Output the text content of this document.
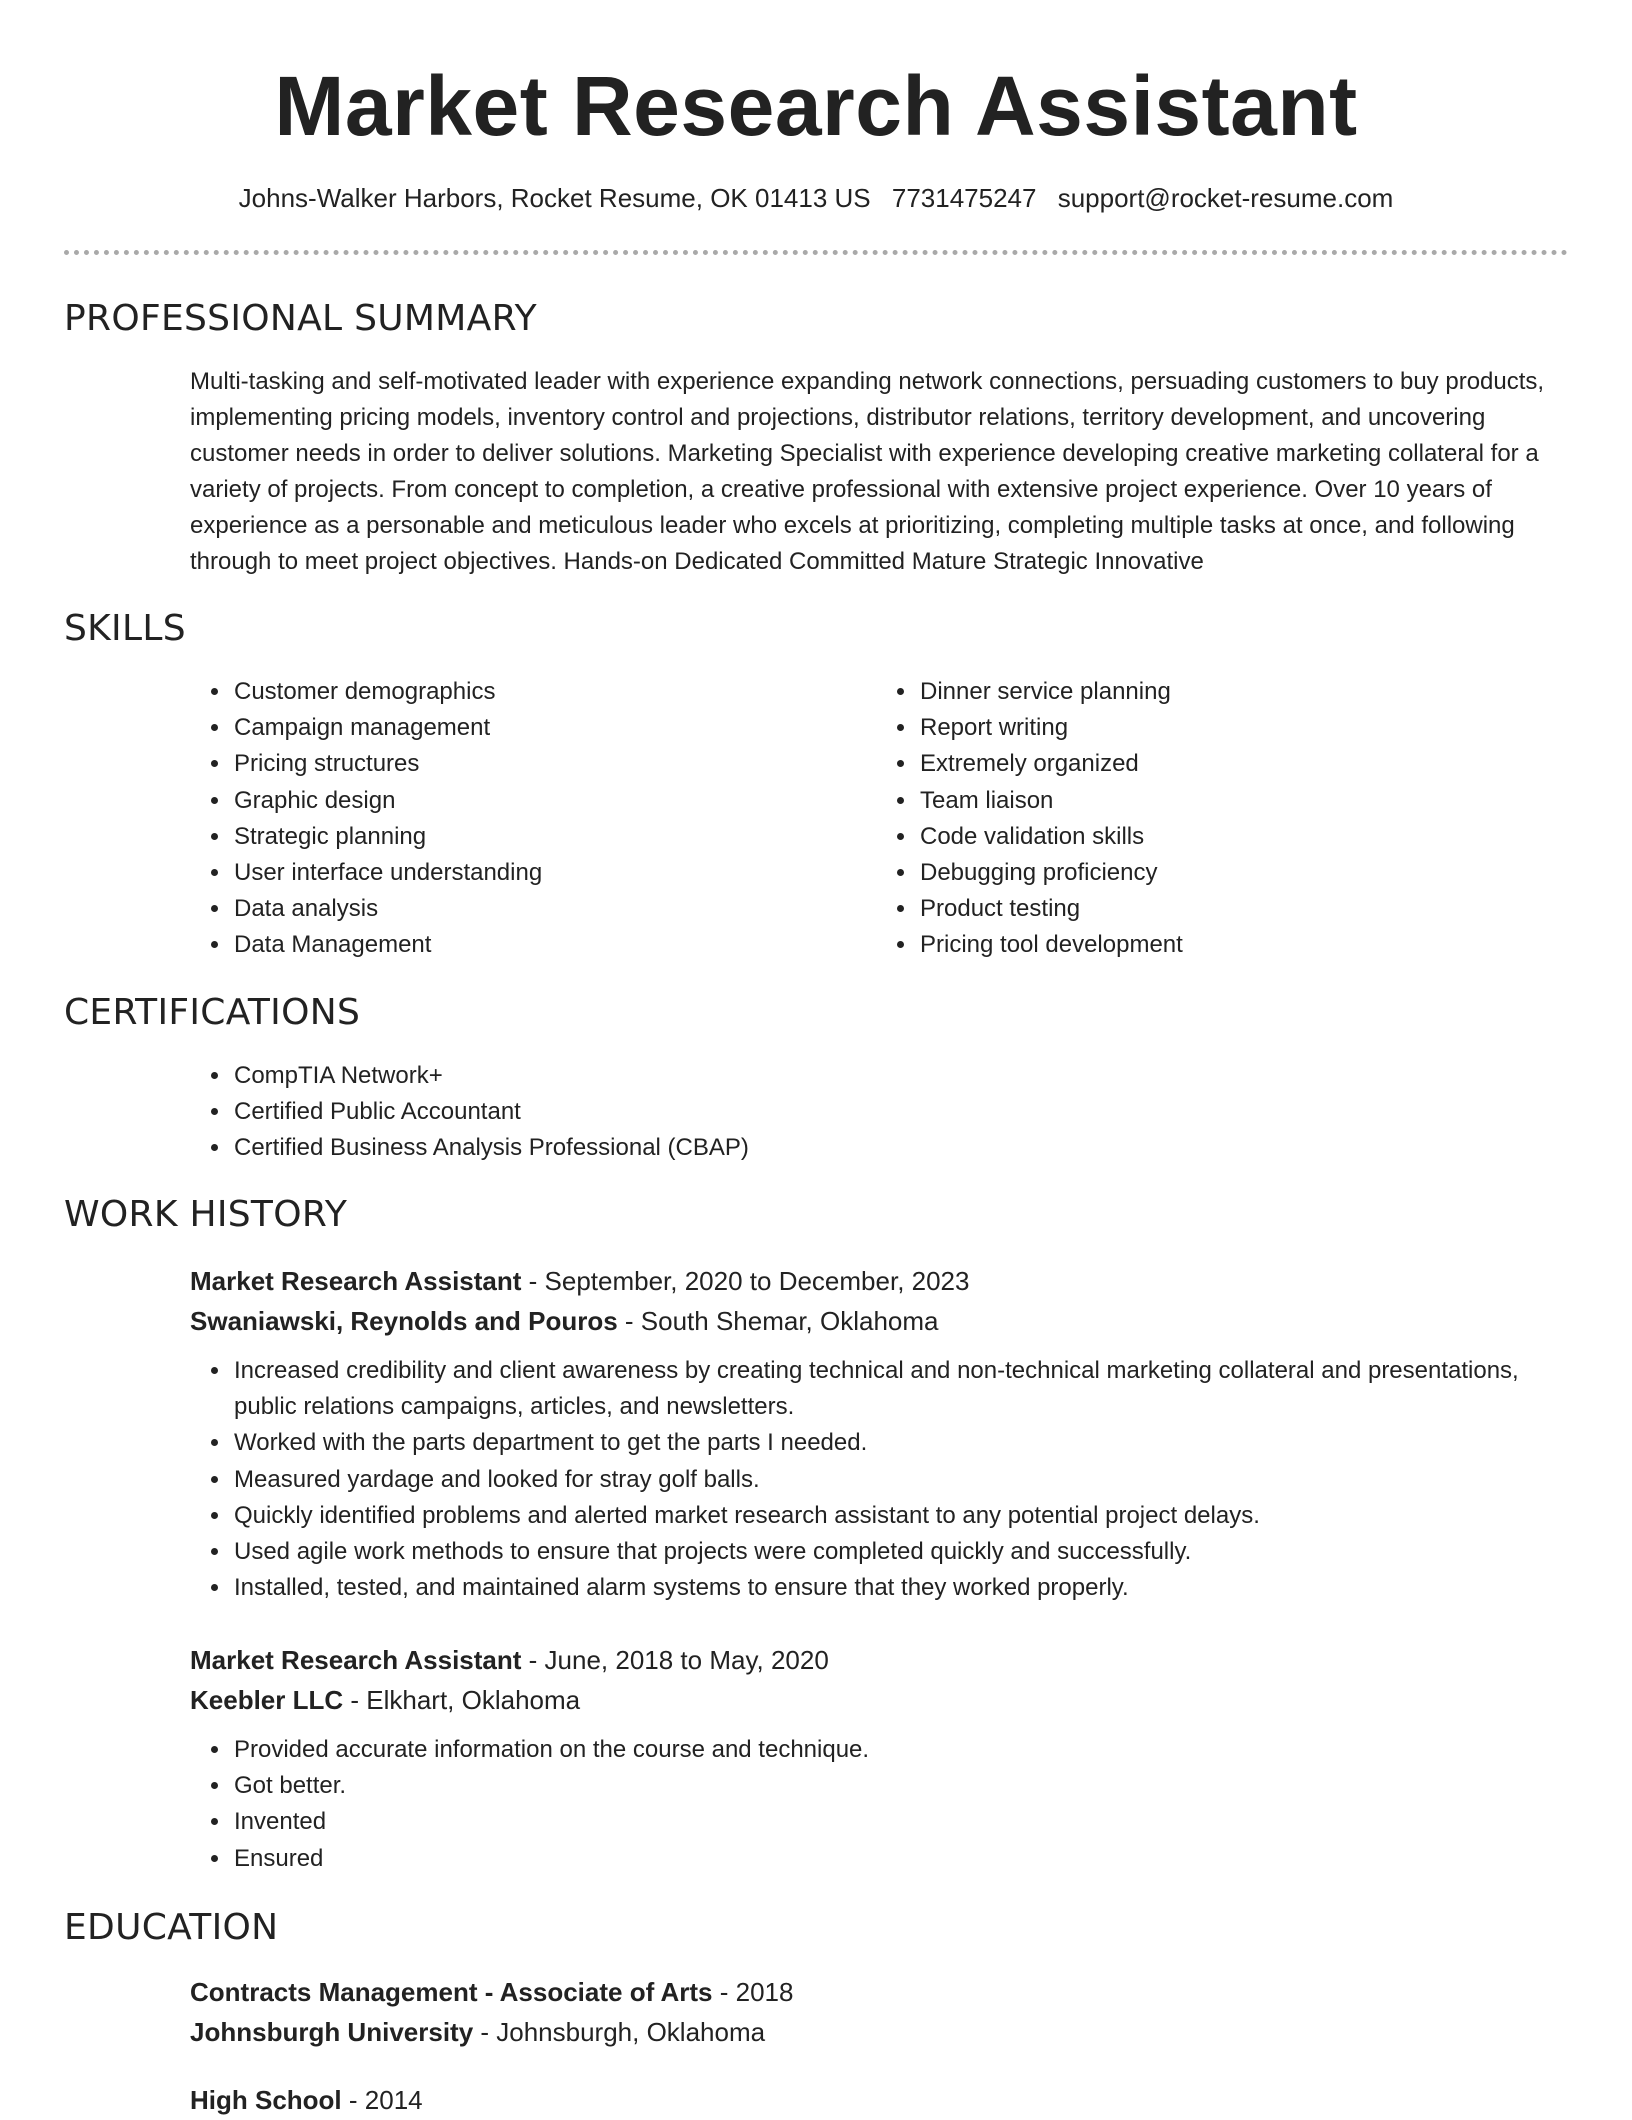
Market Research Assistant
Johns-Walker Harbors, Rocket Resume, OK 01413 US 7731475247 support@rocket-resume.com
PROFESSIONAL SUMMARY
Multi-tasking and self-motivated leader with experience expanding network connections, persuading customers to buy products, implementing pricing models, inventory control and projections, distributor relations, territory development, and uncovering customer needs in order to deliver solutions. Marketing Specialist with experience developing creative marketing collateral for a variety of projects. From concept to completion, a creative professional with extensive project experience. Over 10 years of experience as a personable and meticulous leader who excels at prioritizing, completing multiple tasks at once, and following through to meet project objectives. Hands-on Dedicated Committed Mature Strategic Innovative
SKILLS
• Customer demographics
• Campaign management
• Pricing structures
• Graphic design
• Strategic planning
• User interface understanding
• Data analysis
• Data Management
• Dinner service planning
• Report writing
• Extremely organized
• Team liaison
• Code validation skills
• Debugging proficiency
• Product testing
• Pricing tool development
CERTIFICATIONS
• CompTIA Network+
• Certified Public Accountant
• Certified Business Analysis Professional (CBAP)
WORK HISTORY
Market Research Assistant - September, 2020 to December, 2023
Swaniawski, Reynolds and Pouros - South Shemar, Oklahoma
• Increased credibility and client awareness by creating technical and non-technical marketing collateral and presentations, public relations campaigns, articles, and newsletters.
• Worked with the parts department to get the parts I needed.
• Measured yardage and looked for stray golf balls.
• Quickly identified problems and alerted market research assistant to any potential project delays.
• Used agile work methods to ensure that projects were completed quickly and successfully.
• Installed, tested, and maintained alarm systems to ensure that they worked properly.
Market Research Assistant - June, 2018 to May, 2020
Keebler LLC - Elkhart, Oklahoma
• Provided accurate information on the course and technique.
• Got better.
• Invented
• Ensured
EDUCATION
Contracts Management - Associate of Arts - 2018
Johnsburgh University - Johnsburgh, Oklahoma
High School - 2014
